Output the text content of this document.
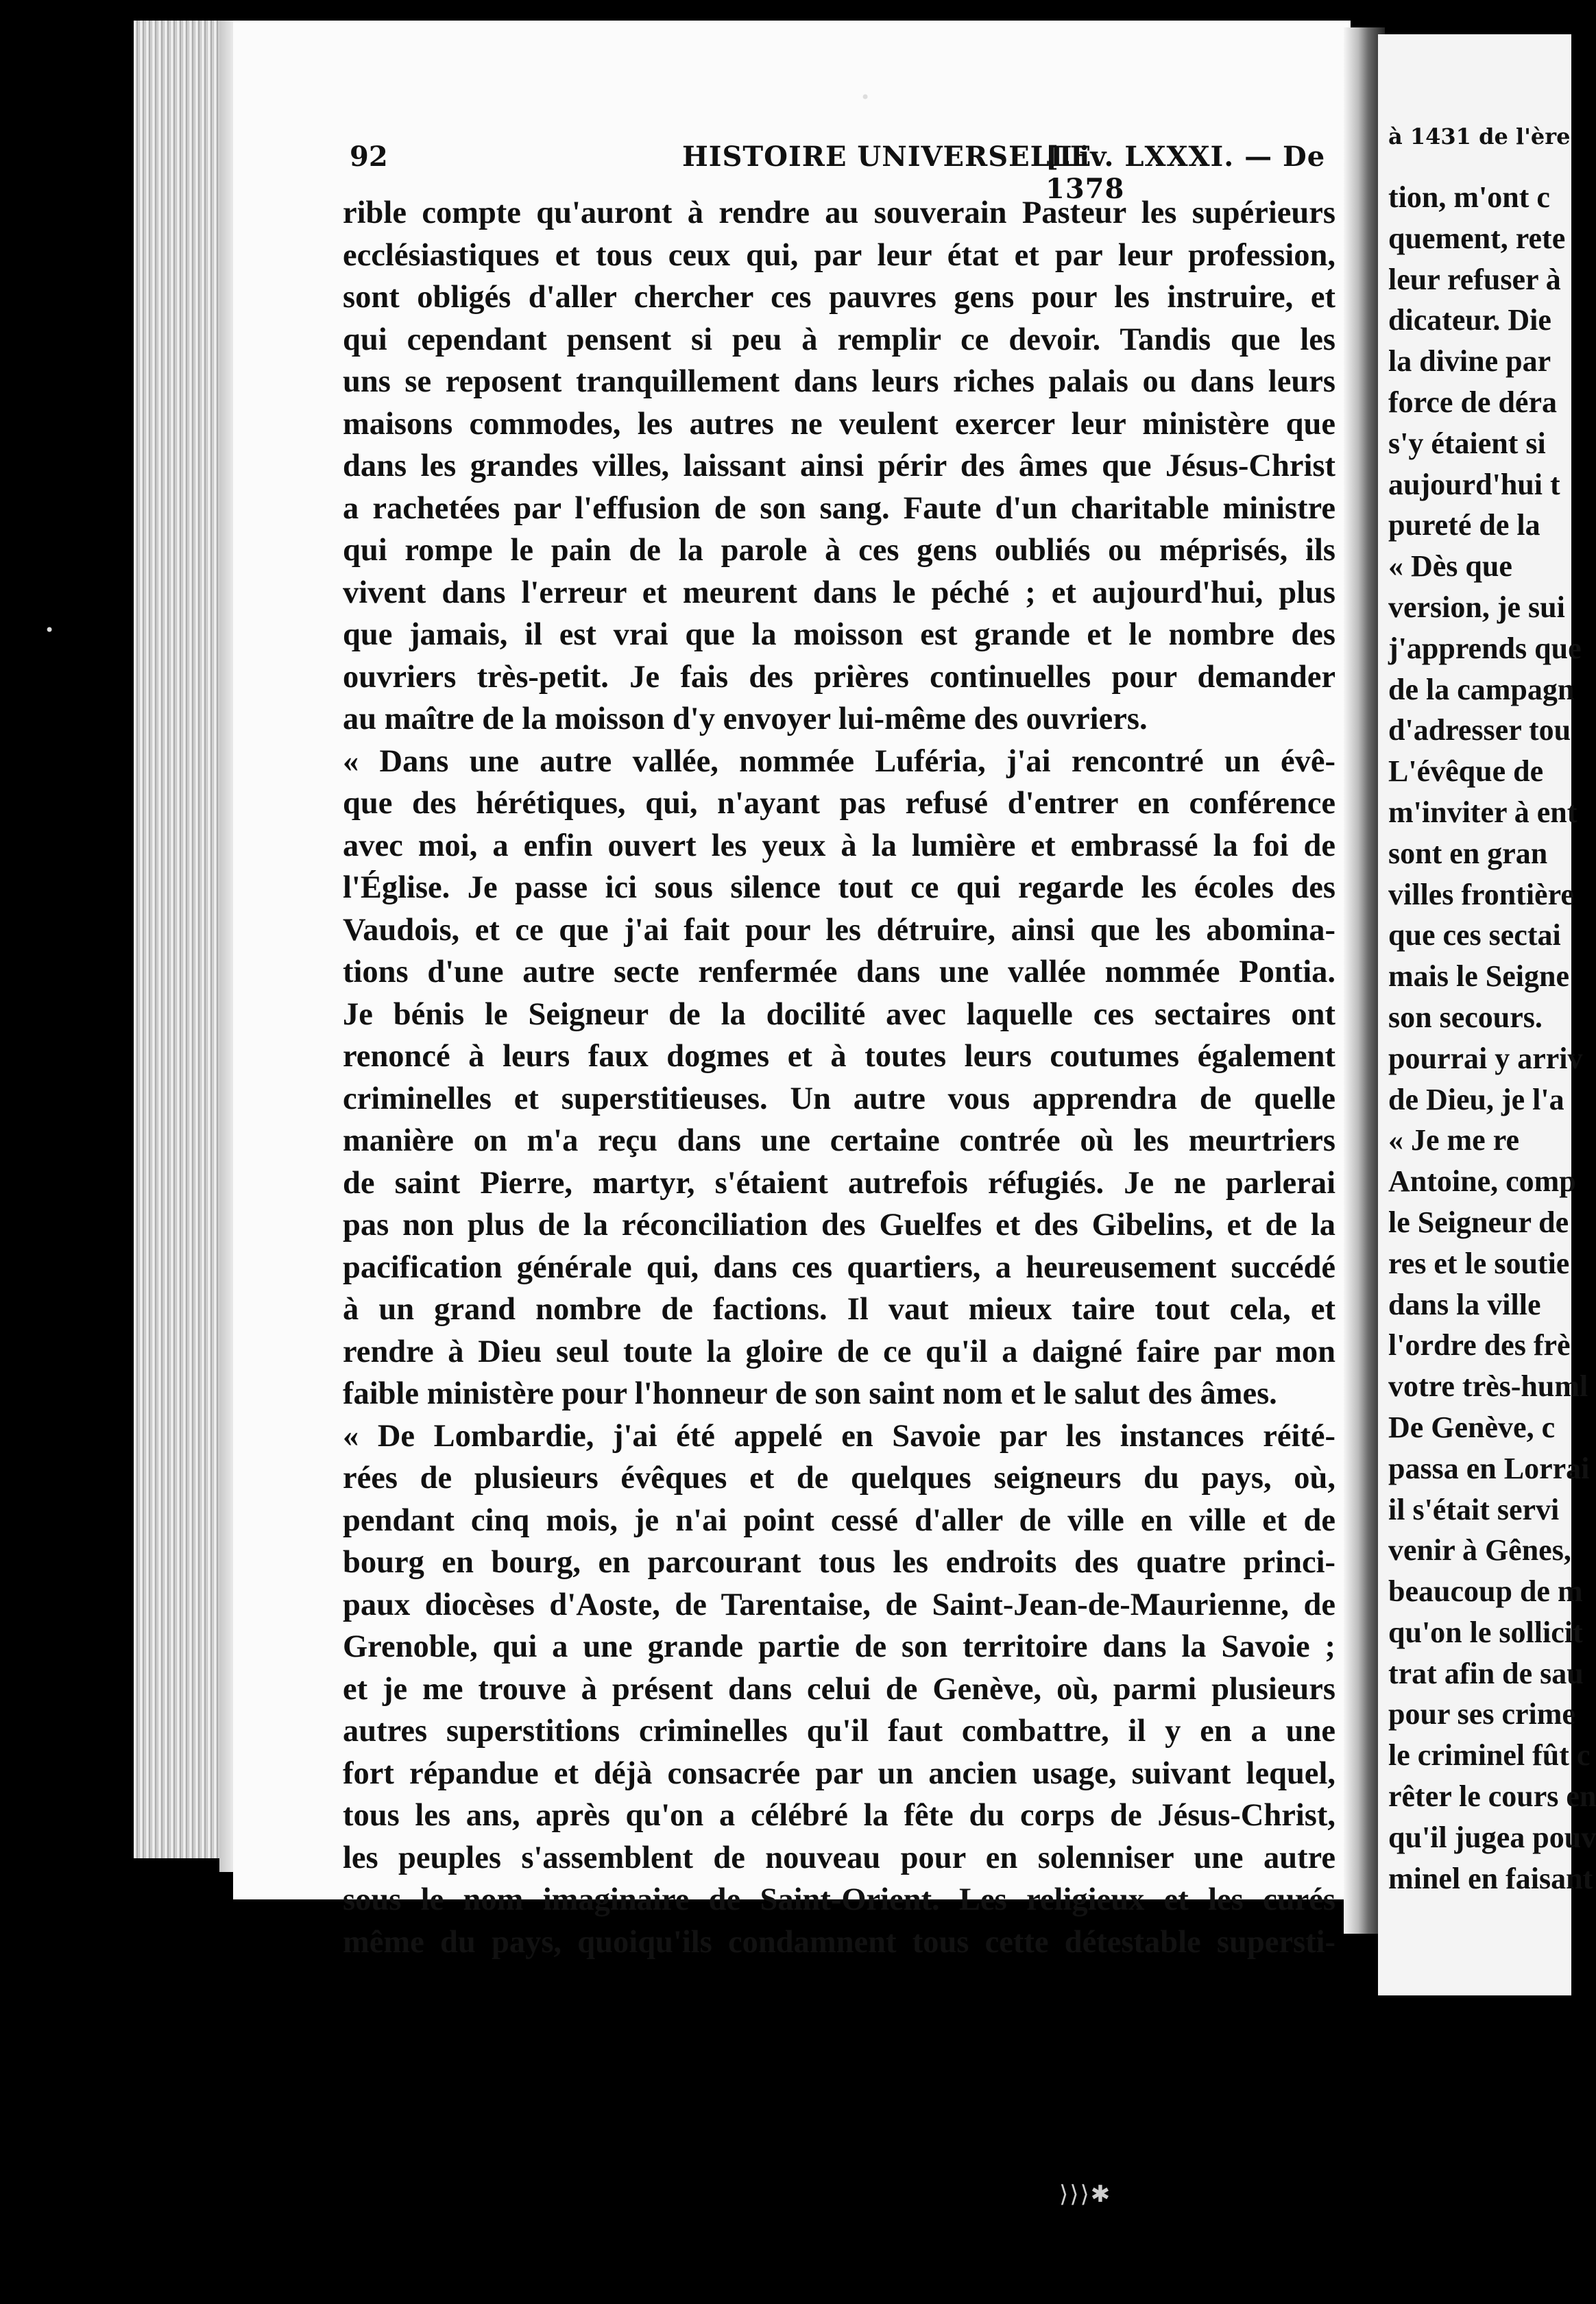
92	HISTOIRE UNIVERSELLE
[Liv. LXXXI. — De 1378
rible compte qu'auront à rendre au souverain Pasteur les supérieurs
ecclésiastiques et tous ceux qui, par leur état et par leur profession,
sont obligés d'aller chercher ces pauvres gens pour les instruire, et
qui cependant pensent si peu à remplir ce devoir. Tandis que les
uns se reposent tranquillement dans leurs riches palais ou dans leurs
maisons commodes, les autres ne veulent exercer leur ministère que
dans les grandes villes, laissant ainsi périr des âmes que Jésus-Christ
a rachetées par l'effusion de son sang. Faute d'un charitable ministre
qui rompe le pain de la parole à ces gens oubliés ou méprisés, ils
vivent dans l'erreur et meurent dans le péché ; et aujourd'hui, plus
que jamais, il est vrai que la moisson est grande et le nombre des
ouvriers très-petit. Je fais des prières continuelles pour demander
au maître de la moisson d'y envoyer lui-même des ouvriers.
« Dans une autre vallée, nommée Luféria, j'ai rencontré un évê-
que des hérétiques, qui, n'ayant pas refusé d'entrer en conférence
avec moi, a enfin ouvert les yeux à la lumière et embrassé la foi de
l'Église. Je passe ici sous silence tout ce qui regarde les écoles des
Vaudois, et ce que j'ai fait pour les détruire, ainsi que les abomina-
tions d'une autre secte renfermée dans une vallée nommée Pontia.
Je bénis le Seigneur de la docilité avec laquelle ces sectaires ont
renoncé à leurs faux dogmes et à toutes leurs coutumes également
criminelles et superstitieuses. Un autre vous apprendra de quelle
manière on m'a reçu dans une certaine contrée où les meurtriers
de saint Pierre, martyr, s'étaient autrefois réfugiés. Je ne parlerai
pas non plus de la réconciliation des Guelfes et des Gibelins, et de la
pacification générale qui, dans ces quartiers, a heureusement succédé
à un grand nombre de factions. Il vaut mieux taire tout cela, et
rendre à Dieu seul toute la gloire de ce qu'il a daigné faire par mon
faible ministère pour l'honneur de son saint nom et le salut des âmes.
« De Lombardie, j'ai été appelé en Savoie par les instances réité-
rées de plusieurs évêques et de quelques seigneurs du pays, où,
pendant cinq mois, je n'ai point cessé d'aller de ville en ville et de
bourg en bourg, en parcourant tous les endroits des quatre princi-
paux diocèses d'Aoste, de Tarentaise, de Saint-Jean-de-Maurienne, de
Grenoble, qui a une grande partie de son territoire dans la Savoie ;
et je me trouve à présent dans celui de Genève, où, parmi plusieurs
autres superstitions criminelles qu'il faut combattre, il y en a une
fort répandue et déjà consacrée par un ancien usage, suivant lequel,
tous les ans, après qu'on a célébré la fête du corps de Jésus-Christ,
les peuples s'assemblent de nouveau pour en solenniser une autre
sous le nom imaginaire de Saint-Orient. Les religieux et les curés
même du pays, quoiqu'ils condamnent tous cette détestable supersti-
à 1431 de l'ère
tion, m'ont c
quement, rete
leur refuser à
dicateur. Die
la divine par
force de déra
s'y étaient si
aujourd'hui t
pureté de la
« Dès que
version, je sui
j'apprends que
de la campagn
d'adresser tou
L'évêque de
m'inviter à ent
sont en gran
villes frontière
que ces sectai
mais le Seigne
son secours.
pourrai y arriv
de Dieu, je l'a
« Je me re
Antoine, comp
le Seigneur de
res et le soutie
dans la ville
l'ordre des frè
votre très-huml
De Genève, c
passa en Lorrai
il s'était servi
venir à Gênes,
beaucoup de m
qu'on le sollicit
trat afin de sau
pour ses crime
le criminel fût c
rêter le cours en
qu'il jugea pouv
minel en faisant
•
•
⟩⟩⟩✱
